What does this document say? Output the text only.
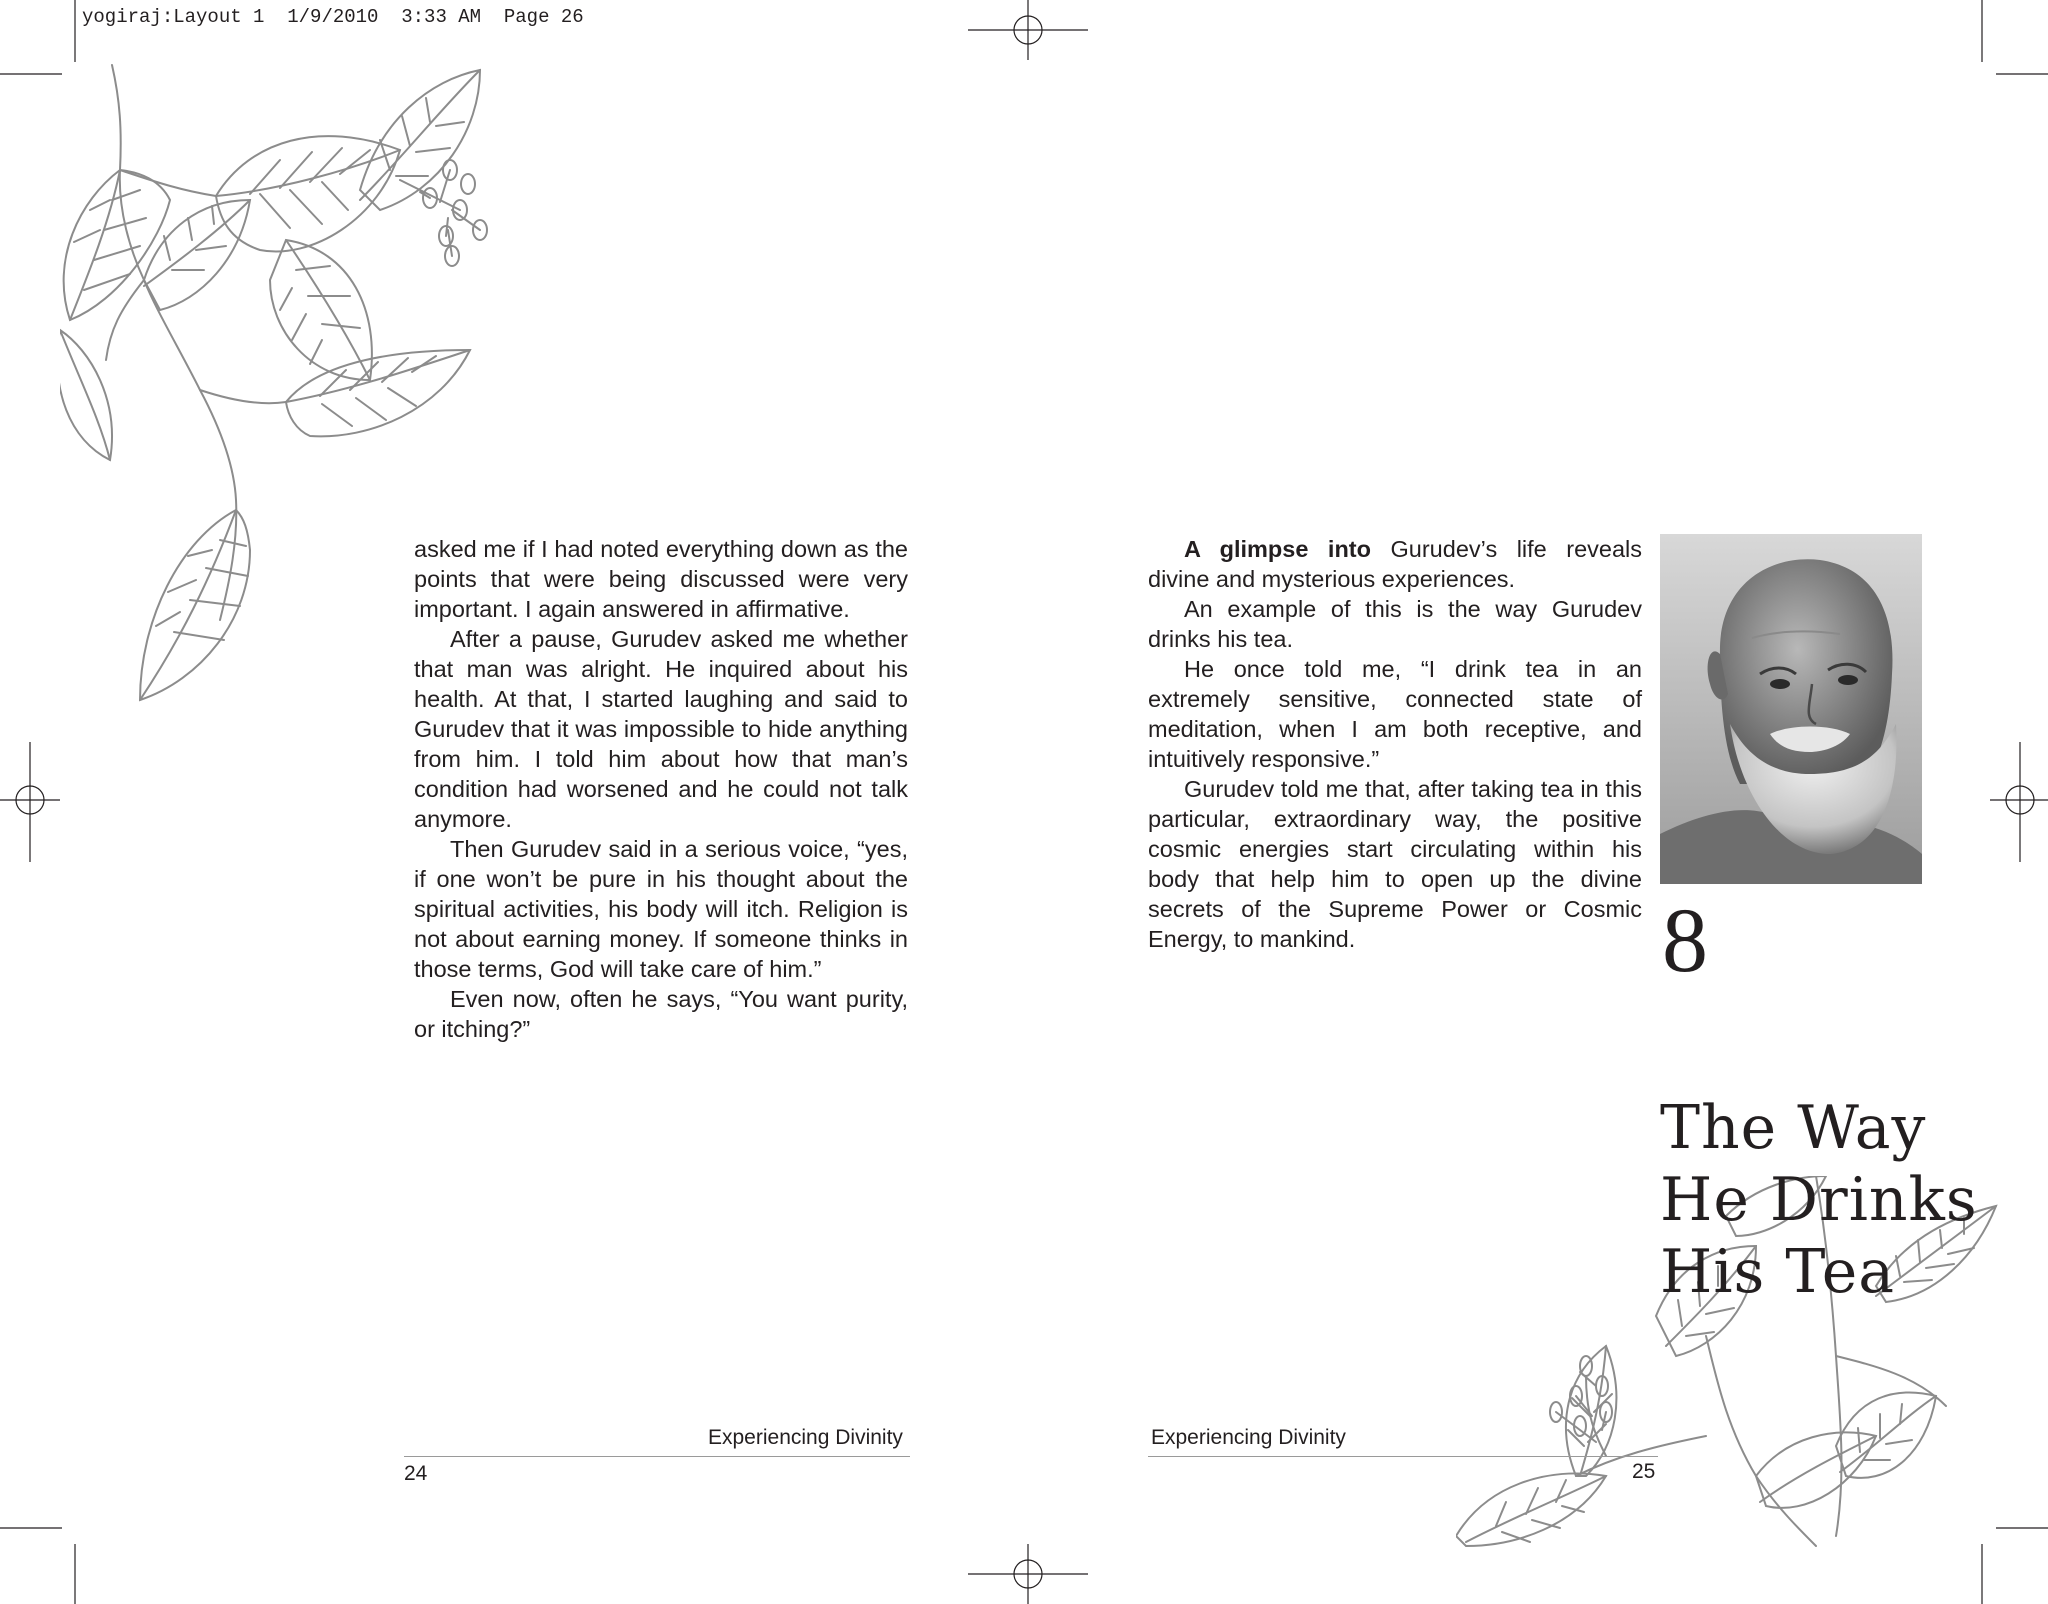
yogiraj:Layout 1  1/9/2010  3:33 AM  Page 26

asked me if I had noted everything down as the points that were being discussed were very important. I again answered in affirmative.

After a pause, Gurudev asked me whether that man was alright. He inquired about his health. At that, I started laughing and said to Gurudev that it was impossible to hide anything from him. I told him about how that man’s condition had worsened and he could not talk anymore.

Then Gurudev said in a serious voice, “yes, if one won’t be pure in his thought about the spiritual activities, his body will itch. Religion is not about earning money. If someone thinks in those terms, God will take care of him.”

Even now, often he says, “You want purity, or itching?”

Experiencing Divinity
24

A glimpse into Gurudev’s life reveals divine and mysterious experiences.

An example of this is the way Gurudev drinks his tea.

He once told me, “I drink tea in an extremely sensitive, connected state of meditation, when I am both receptive, and intuitively responsive.”

Gurudev told me that, after taking tea in this particular, extraordinary way, the positive cosmic energies start circulating within his body that help him to open up the divine secrets of the Supreme Power or Cosmic Energy, to mankind.	8
The Way
He Drinks
His Tea
Experiencing Divinity
25
